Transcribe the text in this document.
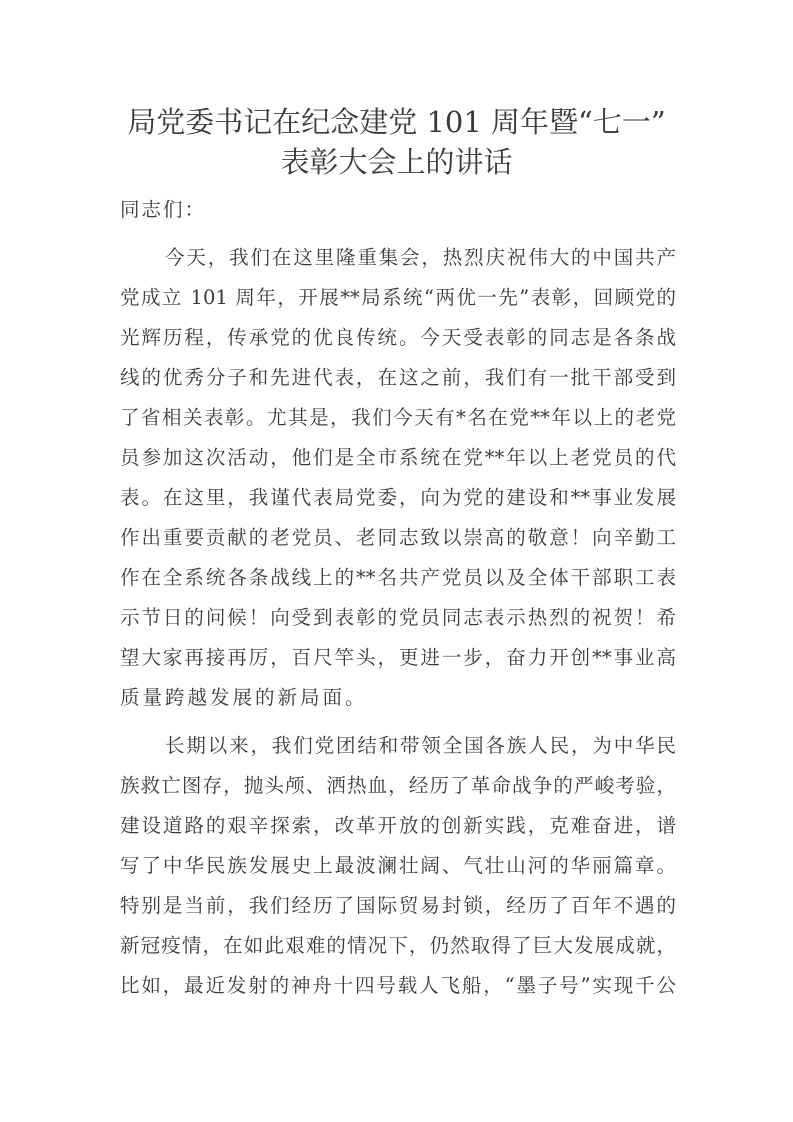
局党委书记在纪念建党 101 周年暨“七一”
表彰大会上的讲话
同志们：
今天，我们在这里隆重集会，热烈庆祝伟大的中国共产
党成立 101 周年，开展**局系统“两优一先”表彰，回顾党的
光辉历程，传承党的优良传统。今天受表彰的同志是各条战
线的优秀分子和先进代表，在这之前，我们有一批干部受到
了省相关表彰。尤其是，我们今天有*名在党**年以上的老党
员参加这次活动，他们是全市系统在党**年以上老党员的代
表。在这里，我谨代表局党委，向为党的建设和**事业发展
作出重要贡献的老党员、老同志致以崇高的敬意！向辛勤工
作在全系统各条战线上的**名共产党员以及全体干部职工表
示节日的问候！向受到表彰的党员同志表示热烈的祝贺！希
望大家再接再厉，百尺竿头，更进一步，奋力开创**事业高
质量跨越发展的新局面。
长期以来，我们党团结和带领全国各族人民，为中华民
族救亡图存，抛头颅、洒热血，经历了革命战争的严峻考验，
建设道路的艰辛探索，改革开放的创新实践，克难奋进，谱
写了中华民族发展史上最波澜壮阔、气壮山河的华丽篇章。
特别是当前，我们经历了国际贸易封锁，经历了百年不遇的
新冠疫情，在如此艰难的情况下，仍然取得了巨大发展成就，
比如，最近发射的神舟十四号载人飞船，“墨子号”实现千公
